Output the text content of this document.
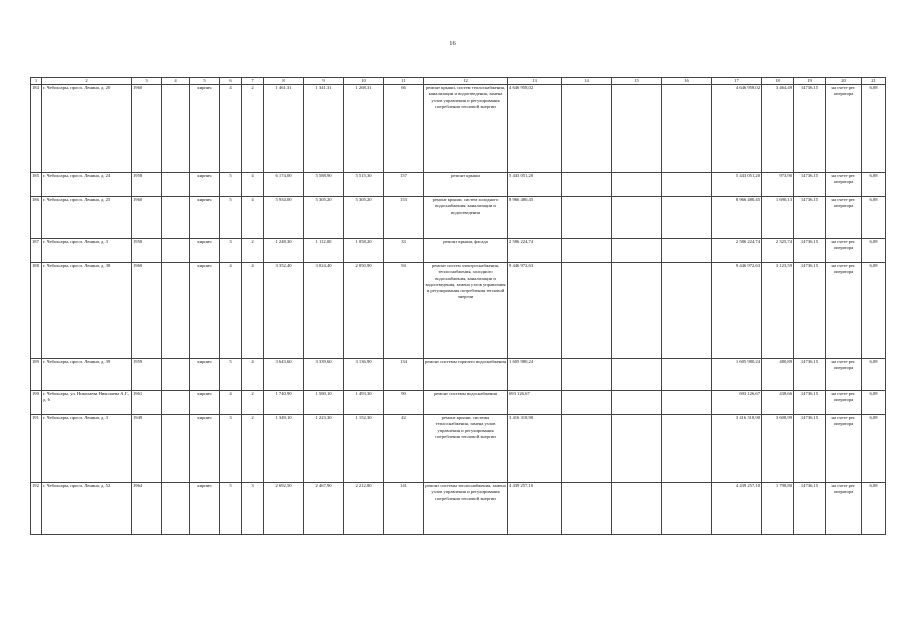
16
1	2	3	4	5	6	7	8	9	10	11	12	13	14	15	16	17	18	19	20	21
184	г. Чебоксары, просп. Ленина, д. 20	1960		кирпич	4	2	1 461,31	1 341,31	1 268,31	66	ремонт крыши, систем теплоснабжения, канализации и водоотведения, замена узлов управления и регулирования потребления тепловой энергии	4 646 958,02				4 646 958,02	3 464,49	14736,15	на счете рег. оператора	6,08
185	г. Чебоксары, просп. Ленина, д. 24	1958		кирпич	5	4	6 174,00	5 588,90	5 515,30	157	ремонт крыши	5 443 051,20				5 443 051,20	973,90	14736,15	на счете рег. оператора	6,08
186	г. Чебоксары, просп. Ленина, д. 25	1960		кирпич	5	4	5 934,00	5 305,20	5 305,20	153	ремонт крыши, систем холодного водоснабжения, канализации и водоотведения	8 966 480,45				8 966 480,45	1 690,13	14736,15	на счете рег. оператора	6,08
187	г. Чебоксары, просп. Ленина, д. 3	1950		кирпич	3	2	1 248,30	1 112,00	1 058,20	33	ремонт крыши, фасада	2 586 224,74				2 586 224,74	2 325,74	14736,15	на счете рег. оператора	6,08
188	г. Чебоксары, просп. Ленина, д. 38	1960		кирпич	4	4	3 352,40	3 024,40	2 850,90	94	ремонт систем электроснабжения, теплоснабжения, холодного водоснабжения, канализации и водоотведения, замена узлов управления и регулирования потребления тепловой энергии	9 446 972,63				9 446 972,63	3 123,59	14736,15	на счете рег. оператора	6,08
189	г. Чебоксары, просп. Ленина, д. 39	1959		кирпич	5	4	3 643,60	3 339,60	3 136,90	134	ремонт системы горячего водоснабжения	1 605 980,24				1 605 980,24	480,89	14736,15	на счете рег. оператора	6,08
190	г. Чебоксары, ул. Николаева Николаева А.Г., д. 6	1961		кирпич	4	2	1 740,90	1 580,10	1 493,30	90	ремонт системы водоснабжения	693 126,67				693 126,67	438,66	14736,15	на счете рег. оператора	6,08
191	г. Чебоксары, просп. Ленина, д. 3	1949		кирпич	3	2	1 349,10	1 223,30	1 152,30	42	ремонт крыши, системы теплоснабжения, замена узлов управления и регулирования потребления тепловой энергии	3 416 318,90				3 416 318,90	3 608,99	14736,15	на счете рег. оператора	6,08
192	г. Чебоксары, просп. Ленина, д. 52	1964		кирпич	5	3	2 692,50	2 467,90	2 212,80	141	ремонт системы теплоснабжения, замена узлов управления и регулирования потребления тепловой энергии	4 439 257,10				4 439 257,10	1 798,80	14736,15	на счете рег. оператора	6,08
